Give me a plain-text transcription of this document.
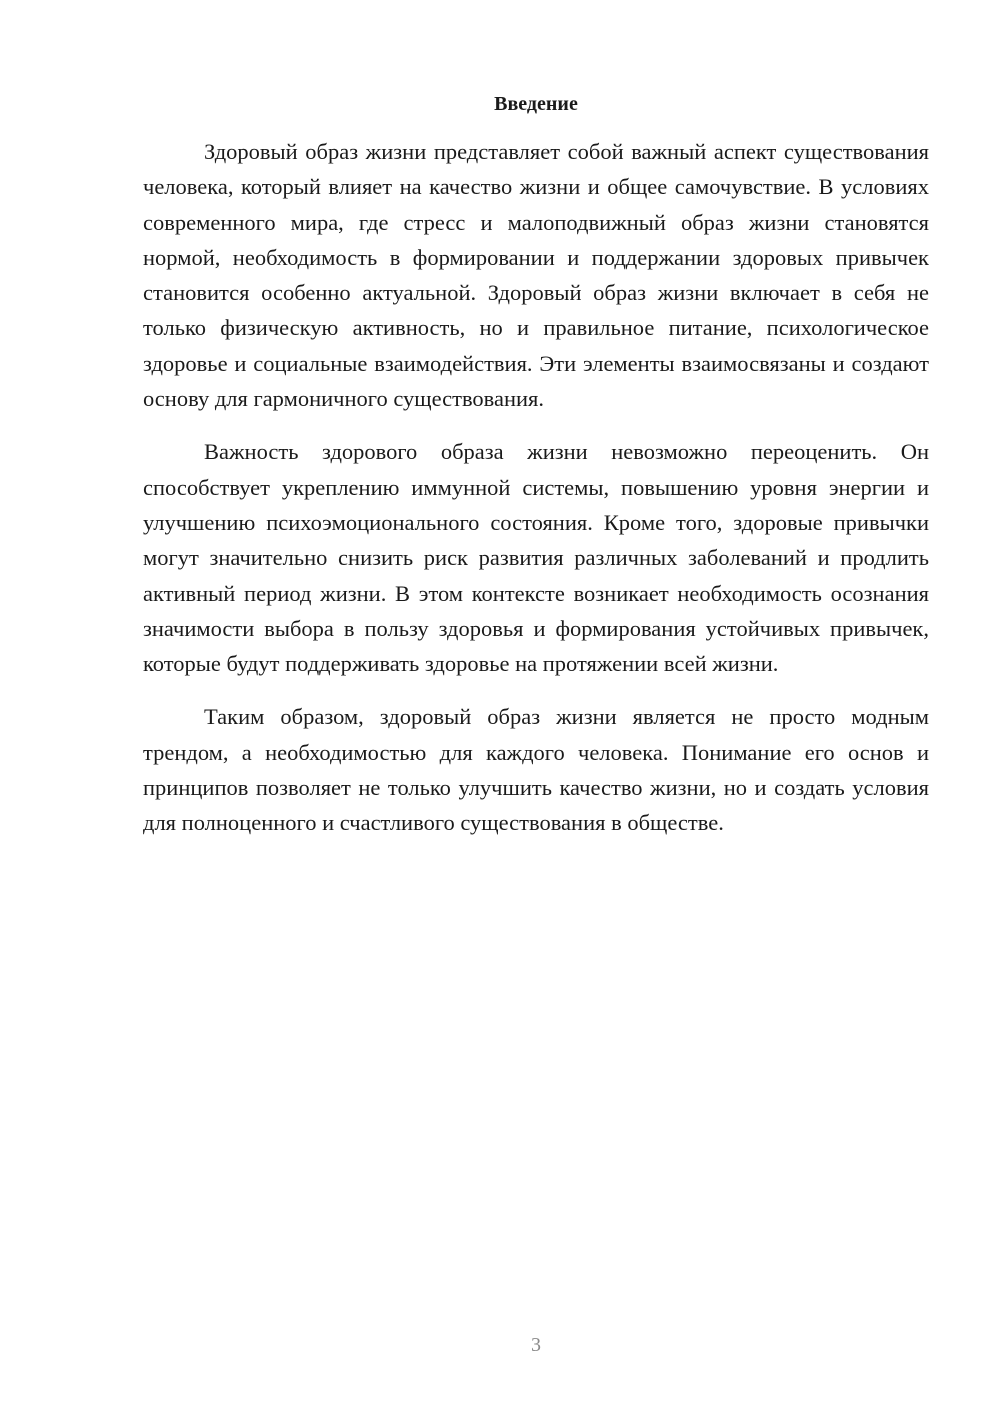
Введение

Здоровый образ жизни представляет собой важный аспект существования человека, который влияет на качество жизни и общее самочувствие. В условиях современного мира, где стресс и малоподвижный образ жизни становятся нормой, необходимость в формировании и поддержании здоровых привычек становится особенно актуальной. Здоровый образ жизни включает в себя не только физическую активность, но и правильное питание, психологическое здоровье и социальные взаимодействия. Эти элементы взаимосвязаны и создают основу для гармоничного существования.

Важность здорового образа жизни невозможно переоценить. Он способствует укреплению иммунной системы, повышению уровня энергии и улучшению психоэмоционального состояния. Кроме того, здоровые привычки могут значительно снизить риск развития различных заболеваний и продлить активный период жизни. В этом контексте возникает необходимость осознания значимости выбора в пользу здоровья и формирования устойчивых привычек, которые будут поддерживать здоровье на протяжении всей жизни.

Таким образом, здоровый образ жизни является не просто модным трендом, а необходимостью для каждого человека. Понимание его основ и принципов позволяет не только улучшить качество жизни, но и создать условия для полноценного и счастливого существования в обществе.

3
